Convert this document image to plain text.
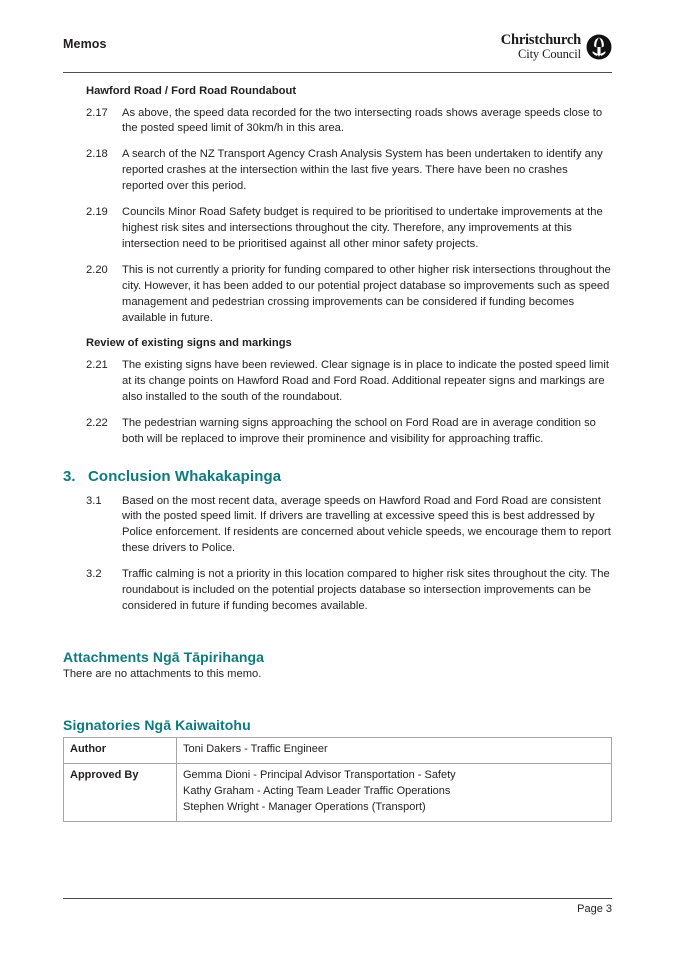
Memos	Christchurch
City Council
Hawford Road / Ford Road Roundabout
2.17	As above, the speed data recorded for the two intersecting roads shows average speeds close to the posted speed limit of 30km/h in this area.
2.18	A search of the NZ Transport Agency Crash Analysis System has been undertaken to identify any reported crashes at the intersection within the last five years. There have been no crashes reported over this period.
2.19	Councils Minor Road Safety budget is required to be prioritised to undertake improvements at the highest risk sites and intersections throughout the city. Therefore, any improvements at this intersection need to be prioritised against all other minor safety projects.
2.20	This is not currently a priority for funding compared to other higher risk intersections throughout the city. However, it has been added to our potential project database so improvements such as speed management and pedestrian crossing improvements can be considered if funding becomes available in future.
Review of existing signs and markings
2.21	The existing signs have been reviewed. Clear signage is in place to indicate the posted speed limit at its change points on Hawford Road and Ford Road. Additional repeater signs and markings are also installed to the south of the roundabout.
2.22	The pedestrian warning signs approaching the school on Ford Road are in average condition so both will be replaced to improve their prominence and visibility for approaching traffic.
3. Conclusion Whakakapinga
3.1	Based on the most recent data, average speeds on Hawford Road and Ford Road are consistent with the posted speed limit. If drivers are travelling at excessive speed this is best addressed by Police enforcement. If residents are concerned about vehicle speeds, we encourage them to report these drivers to Police.
3.2	Traffic calming is not a priority in this location compared to higher risk sites throughout the city. The roundabout is included on the potential projects database so intersection improvements can be considered in future if funding becomes available.
Attachments Ngā Tāpirihanga

There are no attachments to this memo.

Signatories Ngā Kaiwaitohu
Author	Toni Dakers - Traffic Engineer

Approved By	Gemma Dioni - Principal Advisor Transportation - Safety
Kathy Graham - Acting Team Leader Traffic Operations
Stephen Wright - Manager Operations (Transport)
Page 3
